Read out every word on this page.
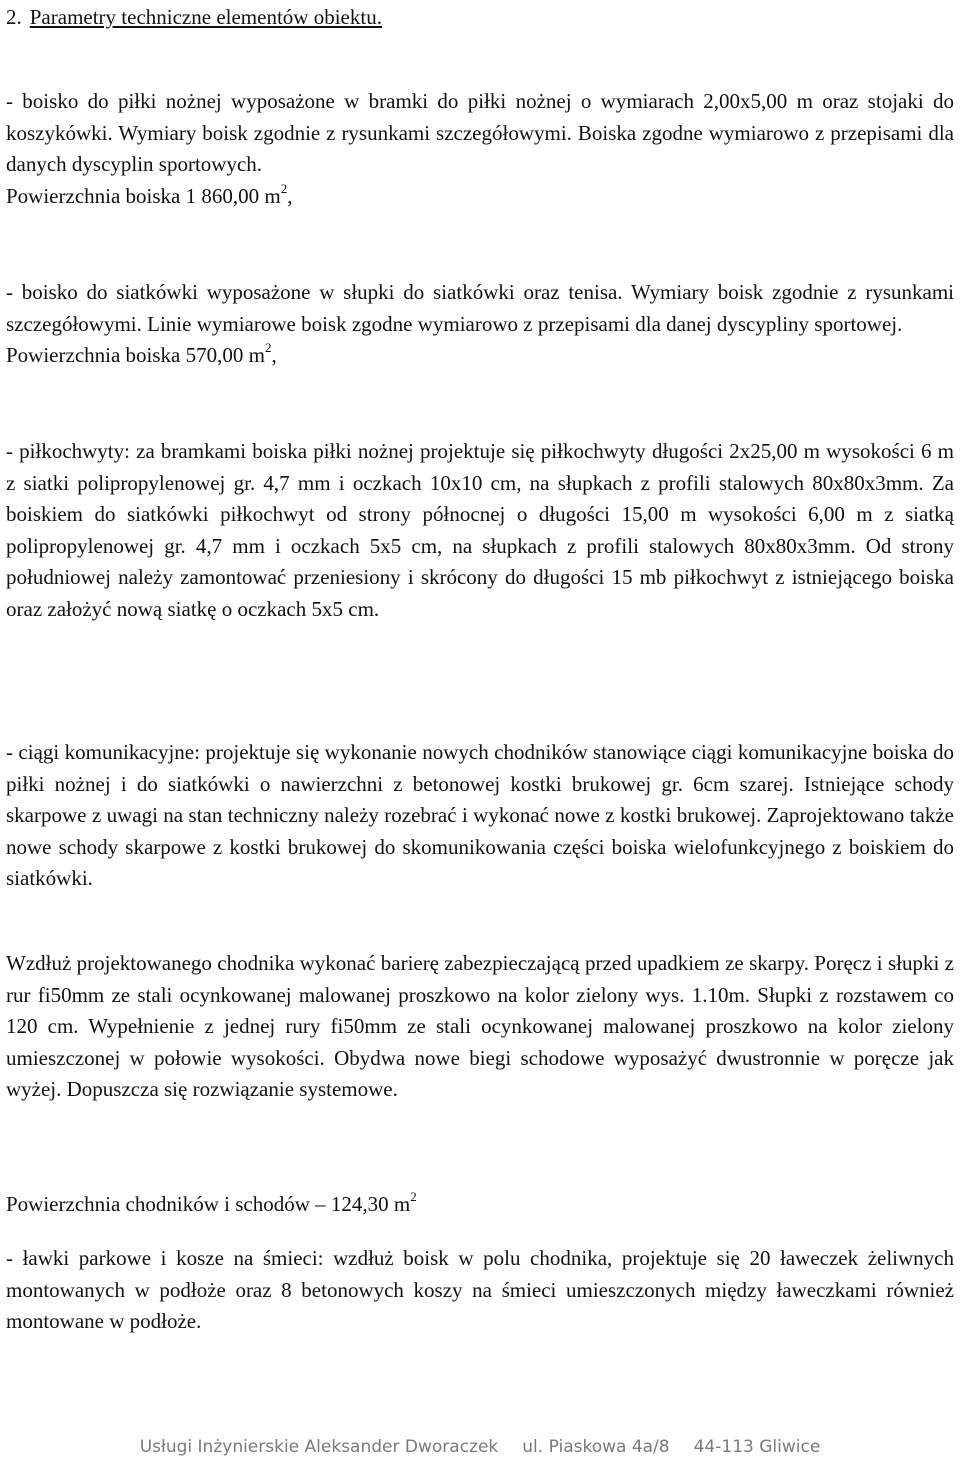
2. Parametry techniczne elementów obiektu.

- boisko do piłki nożnej wyposażone w bramki do piłki nożnej o wymiarach 2,00x5,00 m oraz stojaki do koszykówki. Wymiary boisk zgodnie z rysunkami szczegółowymi. Boiska zgodne wymiarowo z przepisami dla danych dyscyplin sportowych.
Powierzchnia boiska 1 860,00 $m^2$,

- boisko do siatkówki wyposażone w słupki do siatkówki oraz tenisa. Wymiary boisk zgodnie z rysunkami szczegółowymi. Linie wymiarowe boisk zgodne wymiarowo z przepisami dla danej dyscypliny sportowej.
Powierzchnia boiska 570,00 $m^2$,

- piłkochwyty: za bramkami boiska piłki nożnej projektuje się piłkochwyty długości 2x25,00 m wysokości 6 m z siatki polipropylenowej gr. 4,7 mm i oczkach 10x10 cm, na słupkach z profili stalowych 80x80x3mm. Za boiskiem do siatkówki piłkochwyt od strony północnej o długości 15,00 m wysokości 6,00 m z siatką polipropylenowej gr. 4,7 mm i oczkach 5x5 cm, na słupkach z profili stalowych 80x80x3mm. Od strony południowej należy zamontować przeniesiony i skrócony do długości 15 mb piłkochwyt z istniejącego boiska oraz założyć nową siatkę o oczkach 5x5 cm.

- ciągi komunikacyjne: projektuje się wykonanie nowych chodników stanowiące ciągi komunikacyjne boiska do piłki nożnej i do siatkówki o nawierzchni z betonowej kostki brukowej gr. 6cm szarej. Istniejące schody skarpowe z uwagi na stan techniczny należy rozebrać i wykonać nowe z kostki brukowej. Zaprojektowano także nowe schody skarpowe z kostki brukowej do skomunikowania części boiska wielofunkcyjnego z boiskiem do siatkówki.

Wzdłuż projektowanego chodnika wykonać barierę zabezpieczającą przed upadkiem ze skarpy. Poręcz i słupki z rur fi50mm ze stali ocynkowanej malowanej proszkowo na kolor zielony wys. 1.10m. Słupki z rozstawem co 120 cm. Wypełnienie z jednej rury fi50mm ze stali ocynkowanej malowanej proszkowo na kolor zielony umieszczonej w połowie wysokości. Obydwa nowe biegi schodowe wyposażyć dwustronnie w poręcze jak wyżej. Dopuszcza się rozwiązanie systemowe.

Powierzchnia chodników i schodów – 124,30 $m^2$

- ławki parkowe i kosze na śmieci: wzdłuż boisk w polu chodnika, projektuje się 20 ławeczek żeliwnych montowanych w podłoże oraz 8 betonowych koszy na śmieci umieszczonych między ławeczkami również montowane w podłoże.

Usługi Inżynierskie Aleksander Dworaczek ul. Piaskowa 4a/8 44-113 Gliwice
